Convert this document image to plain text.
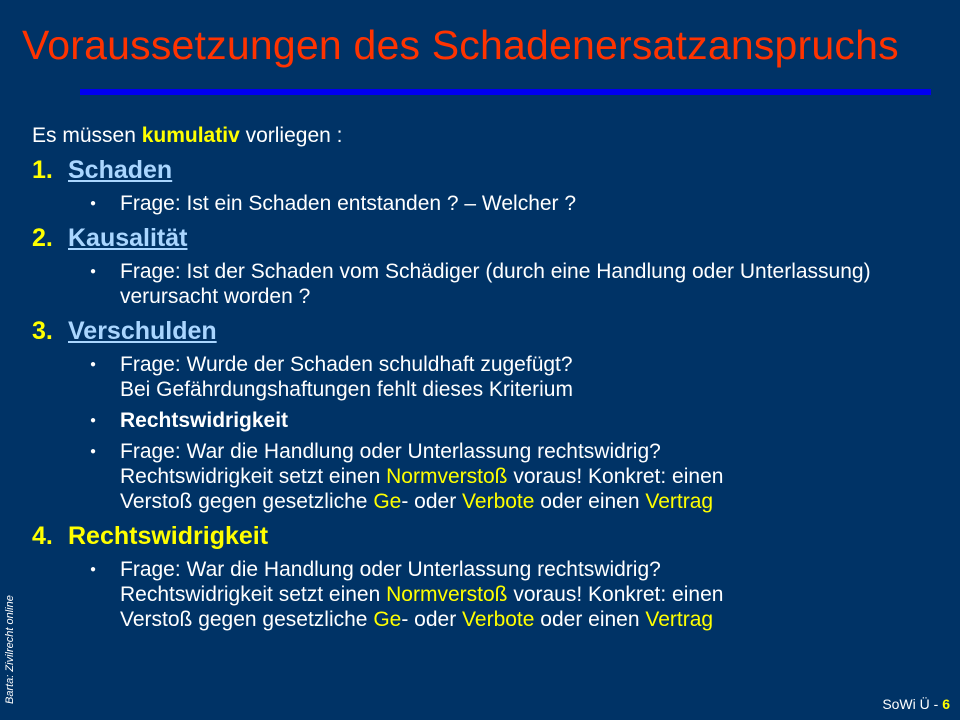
Voraussetzungen des Schadenersatzanspruchs
Es müssen kumulativ vorliegen :
1. Schaden
●	Frage: Ist ein Schaden entstanden ? – Welcher ?
2. Kausalität
●	Frage: Ist der Schaden vom Schädiger (durch eine Handlung oder Unterlassung) verursacht worden ?
3. Verschulden
●	Frage: Wurde der Schaden schuldhaft zugefügt?
Bei Gefährdungshaftungen fehlt dieses Kriterium
●	Rechtswidrigkeit
●	Frage: War die Handlung oder Unterlassung rechtswidrig?
Rechtswidrigkeit setzt einen Normverstoß voraus! Konkret: einen
Verstoß gegen gesetzliche Ge- oder Verbote oder einen Vertrag
4. Rechtswidrigkeit
●	Frage: War die Handlung oder Unterlassung rechtswidrig?
Rechtswidrigkeit setzt einen Normverstoß voraus! Konkret: einen
Verstoß gegen gesetzliche Ge- oder Verbote oder einen Vertrag
Barta: Zivilrecht online	SoWi Ü - 6
